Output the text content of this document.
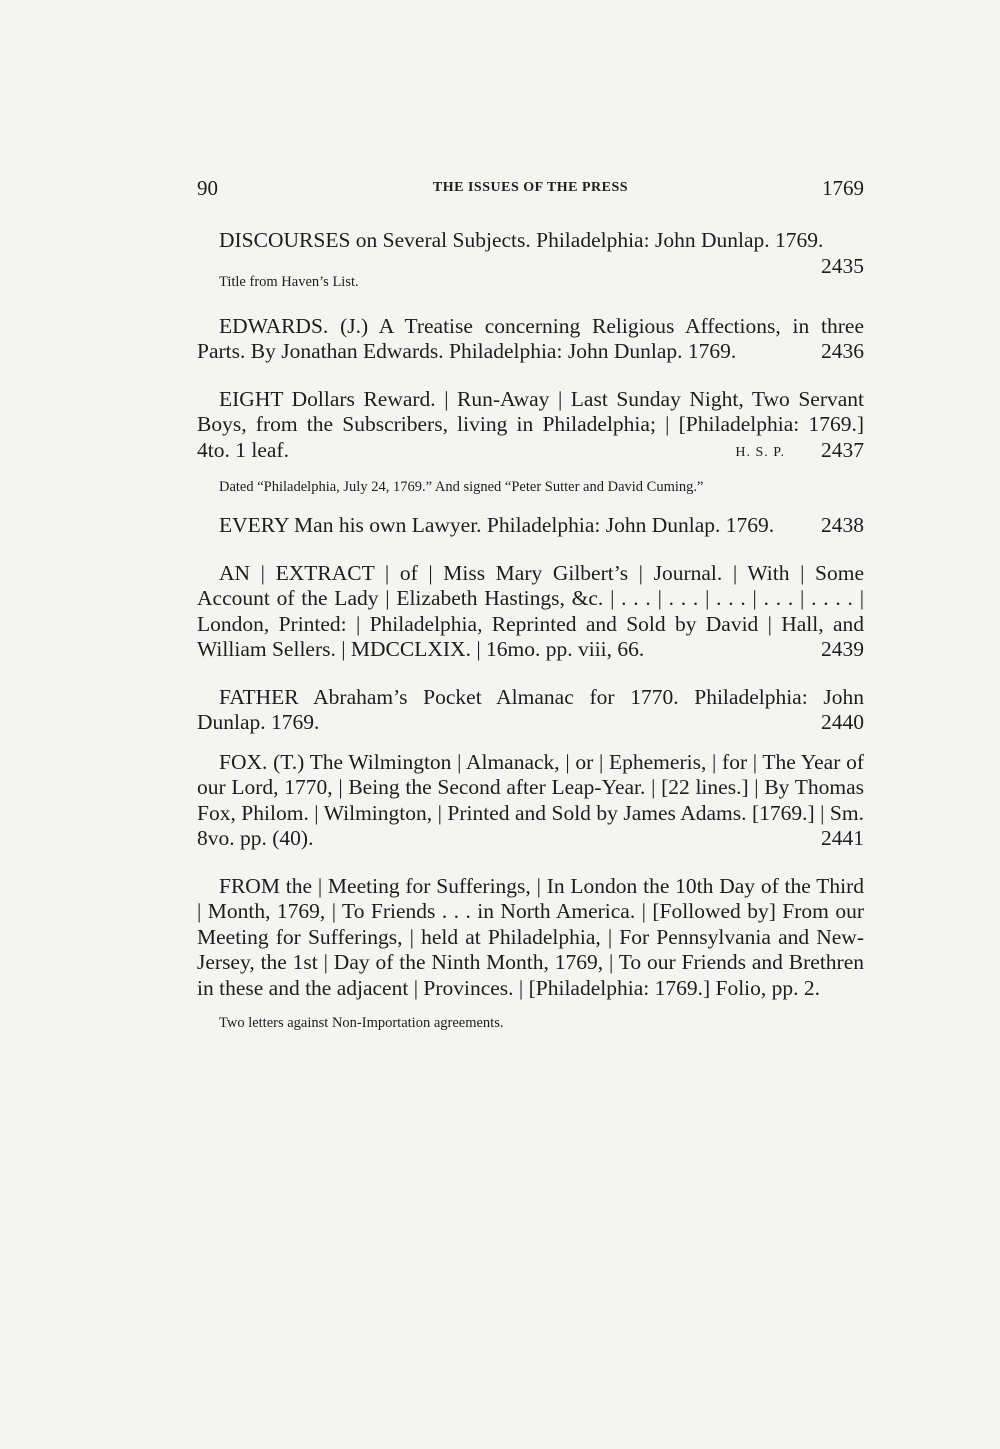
90	THE ISSUES OF THE PRESS	1769
DISCOURSES on Several Subjects. Philadelphia: John Dunlap. 1769.
2435

Title from Haven’s List.

EDWARDS. (J.) A Treatise concerning Religious Affections, in three Parts. By Jonathan Edwards. Philadelphia: John Dunlap. 1769.	2436
EIGHT Dollars Reward. | Run-Away | Last Sunday Night, Two Servant Boys, from the Subscribers, living in Philadelphia; | [Philadelphia: 1769.] 4to. 1 leaf.	2437
H. S. P.

Dated “Philadelphia, July 24, 1769.” And signed “Peter Sutter and David Cuming.”

EVERY Man his own Lawyer. Philadelphia: John Dunlap. 1769.	2438
AN | EXTRACT | of | Miss Mary Gilbert’s | Journal. | With | Some Account of the Lady | Elizabeth Hastings, &c. | . . . | . . . | . . . | . . . | . . . . | London, Printed: | Philadelphia, Reprinted and Sold by David | Hall, and William Sellers. | MDCCLXIX. | 16mo. pp. viii, 66.	2439
FATHER Abraham’s Pocket Almanac for 1770. Philadelphia: John Dunlap. 1769.	2440
FOX. (T.) The Wilmington | Almanack, | or | Ephemeris, | for | The Year of our Lord, 1770, | Being the Second after Leap-Year. | [22 lines.] | By Thomas Fox, Philom. | Wilmington, | Printed and Sold by James Adams. [1769.] | Sm. 8vo. pp. (40).	2441
FROM the | Meeting for Sufferings, | In London the 10th Day of the Third | Month, 1769, | To Friends . . . in North America. | [Followed by] From our Meeting for Sufferings, | held at Philadelphia, | For Pennsylvania and New-Jersey, the 1st | Day of the Ninth Month, 1769, | To our Friends and Brethren in these and the adjacent | Provinces. | [Philadelphia: 1769.] Folio, pp. 2.

Two letters against Non-Importation agreements.
